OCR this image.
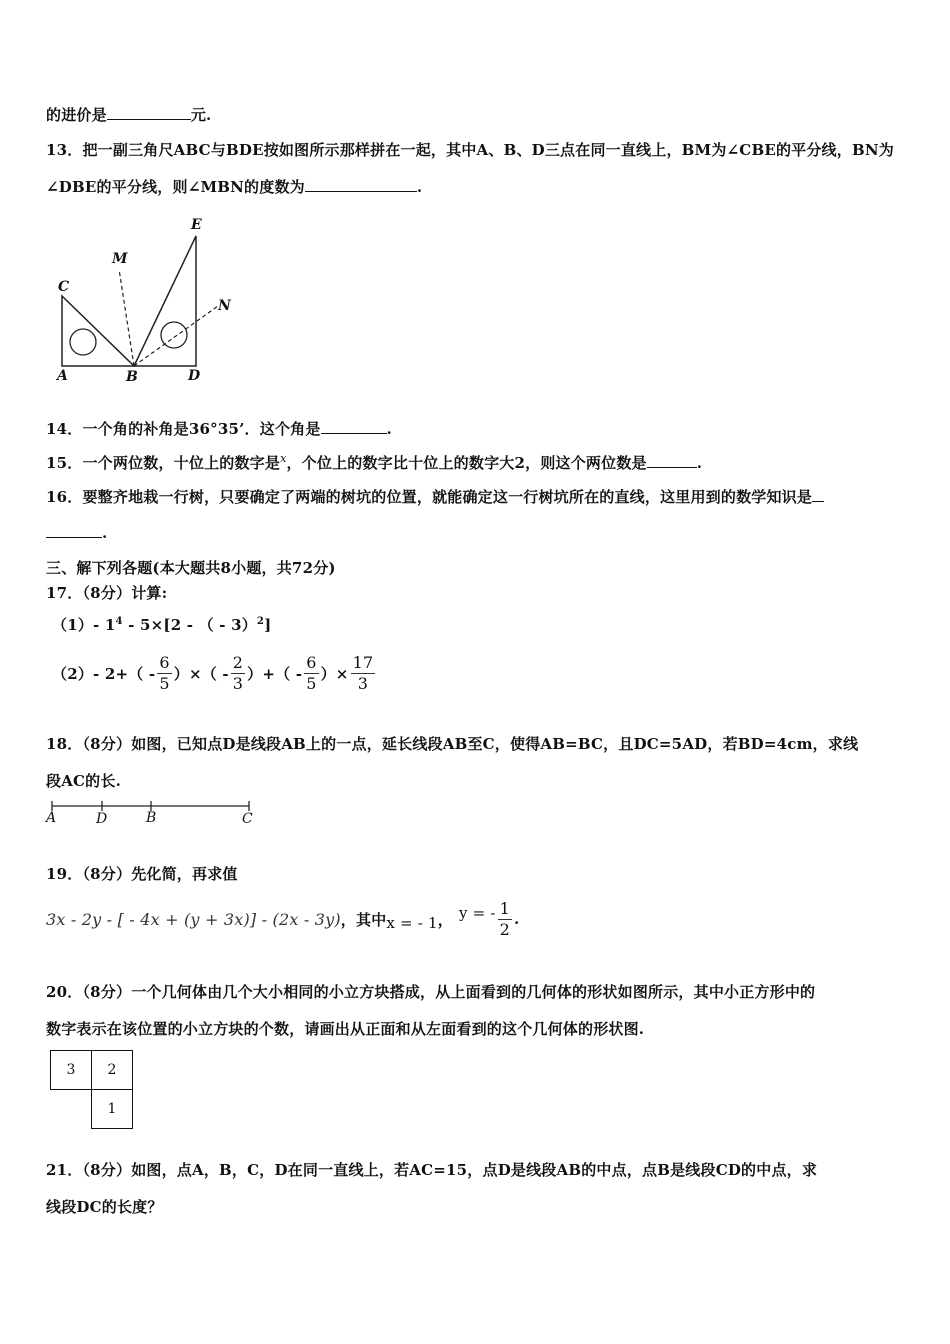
的进价是	元.
13．把一副三角尺ABC与BDE按如图所示那样拼在一起，其中A、B、D三点在同一直线上，BM为∠CBE的平分线，BN为
∠DBE的平分线，则∠MBN的度数为	.
C
M
E
N
A	B	D
14．一个角的补角是36°35’．这个角是	.
15．一个两位数，十位上的数字是$^x$，个位上的数字比十位上的数字大2，则这个两位数是	.
16．要整齐地栽一行树，只要确定了两端的树坑的位置，就能确定这一行树坑所在的直线，这里用到的数学知识是
.
三、解下列各题(本大题共8小题，共72分)
17．（8分）计算:
（1）- $1^4 - 5\times[2$ - （ - 3）$^2$]
$(2) - 2+( - \frac{6}{5}$ ）×（ - $\frac{2}{3}$ ）+（ - $\frac{6}{5}$ ）× $\frac{17}{3}$
18．（8分）如图，已知点D是线段AB上的一点，延长线段AB至C，使得AB=BC，且DC=5AD，若BD=4cm，求线
段AC的长.
A	D	B	C
19．（8分）先化简，再求值
3x - 2y - [ - 4x + (y + 3x)] - (2x - 3y) ，其中 x = - 1 ， y = - $\frac{1}{2}$ .
20．（8分）一个几何体由几个大小相同的小立方块搭成，从上面看到的几何体的形状如图所示，其中小正方形中的
数字表示在该位置的小立方块的个数，请画出从正面和从左面看到的这个几何体的形状图.
3	2
	1
21．（8分）如图，点A，B，C，D在同一直线上，若AC=15，点D是线段AB的中点，点B是线段CD的中点，求
线段DC的长度？
